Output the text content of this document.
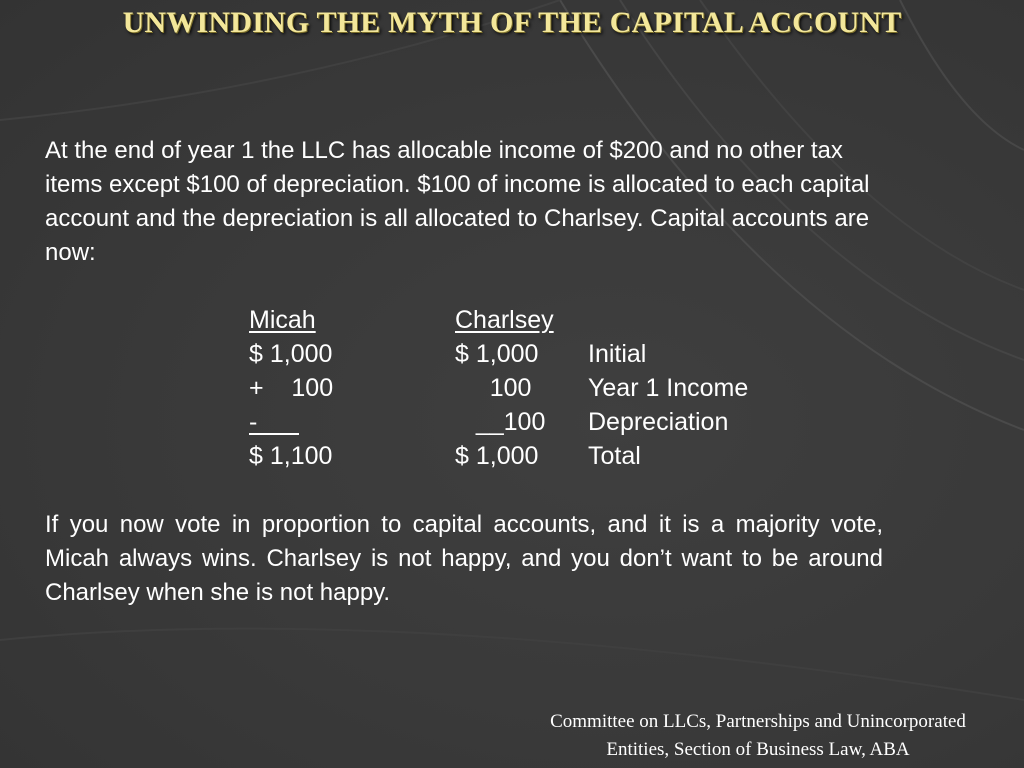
UNWINDING THE MYTH OF THE CAPITAL ACCOUNT

At the end of year 1 the LLC has allocable income of $200 and no other tax items except $100 of depreciation. $100 of income is allocated to each capital account and the depreciation is all allocated to Charlsey. Capital accounts are now:

Micah
$ 1,000
+    100
-
$ 1,100
Charlsey
$ 1,000
100
__100
$ 1,000
Initial
Year 1 Income
Depreciation
Total

If you now vote in proportion to capital accounts, and it is a majority vote, Micah always wins. Charlsey is not happy, and you don’t want to be around Charlsey when she is not happy.

Committee on LLCs, Partnerships and Unincorporated
Entities, Section of Business Law, ABA
